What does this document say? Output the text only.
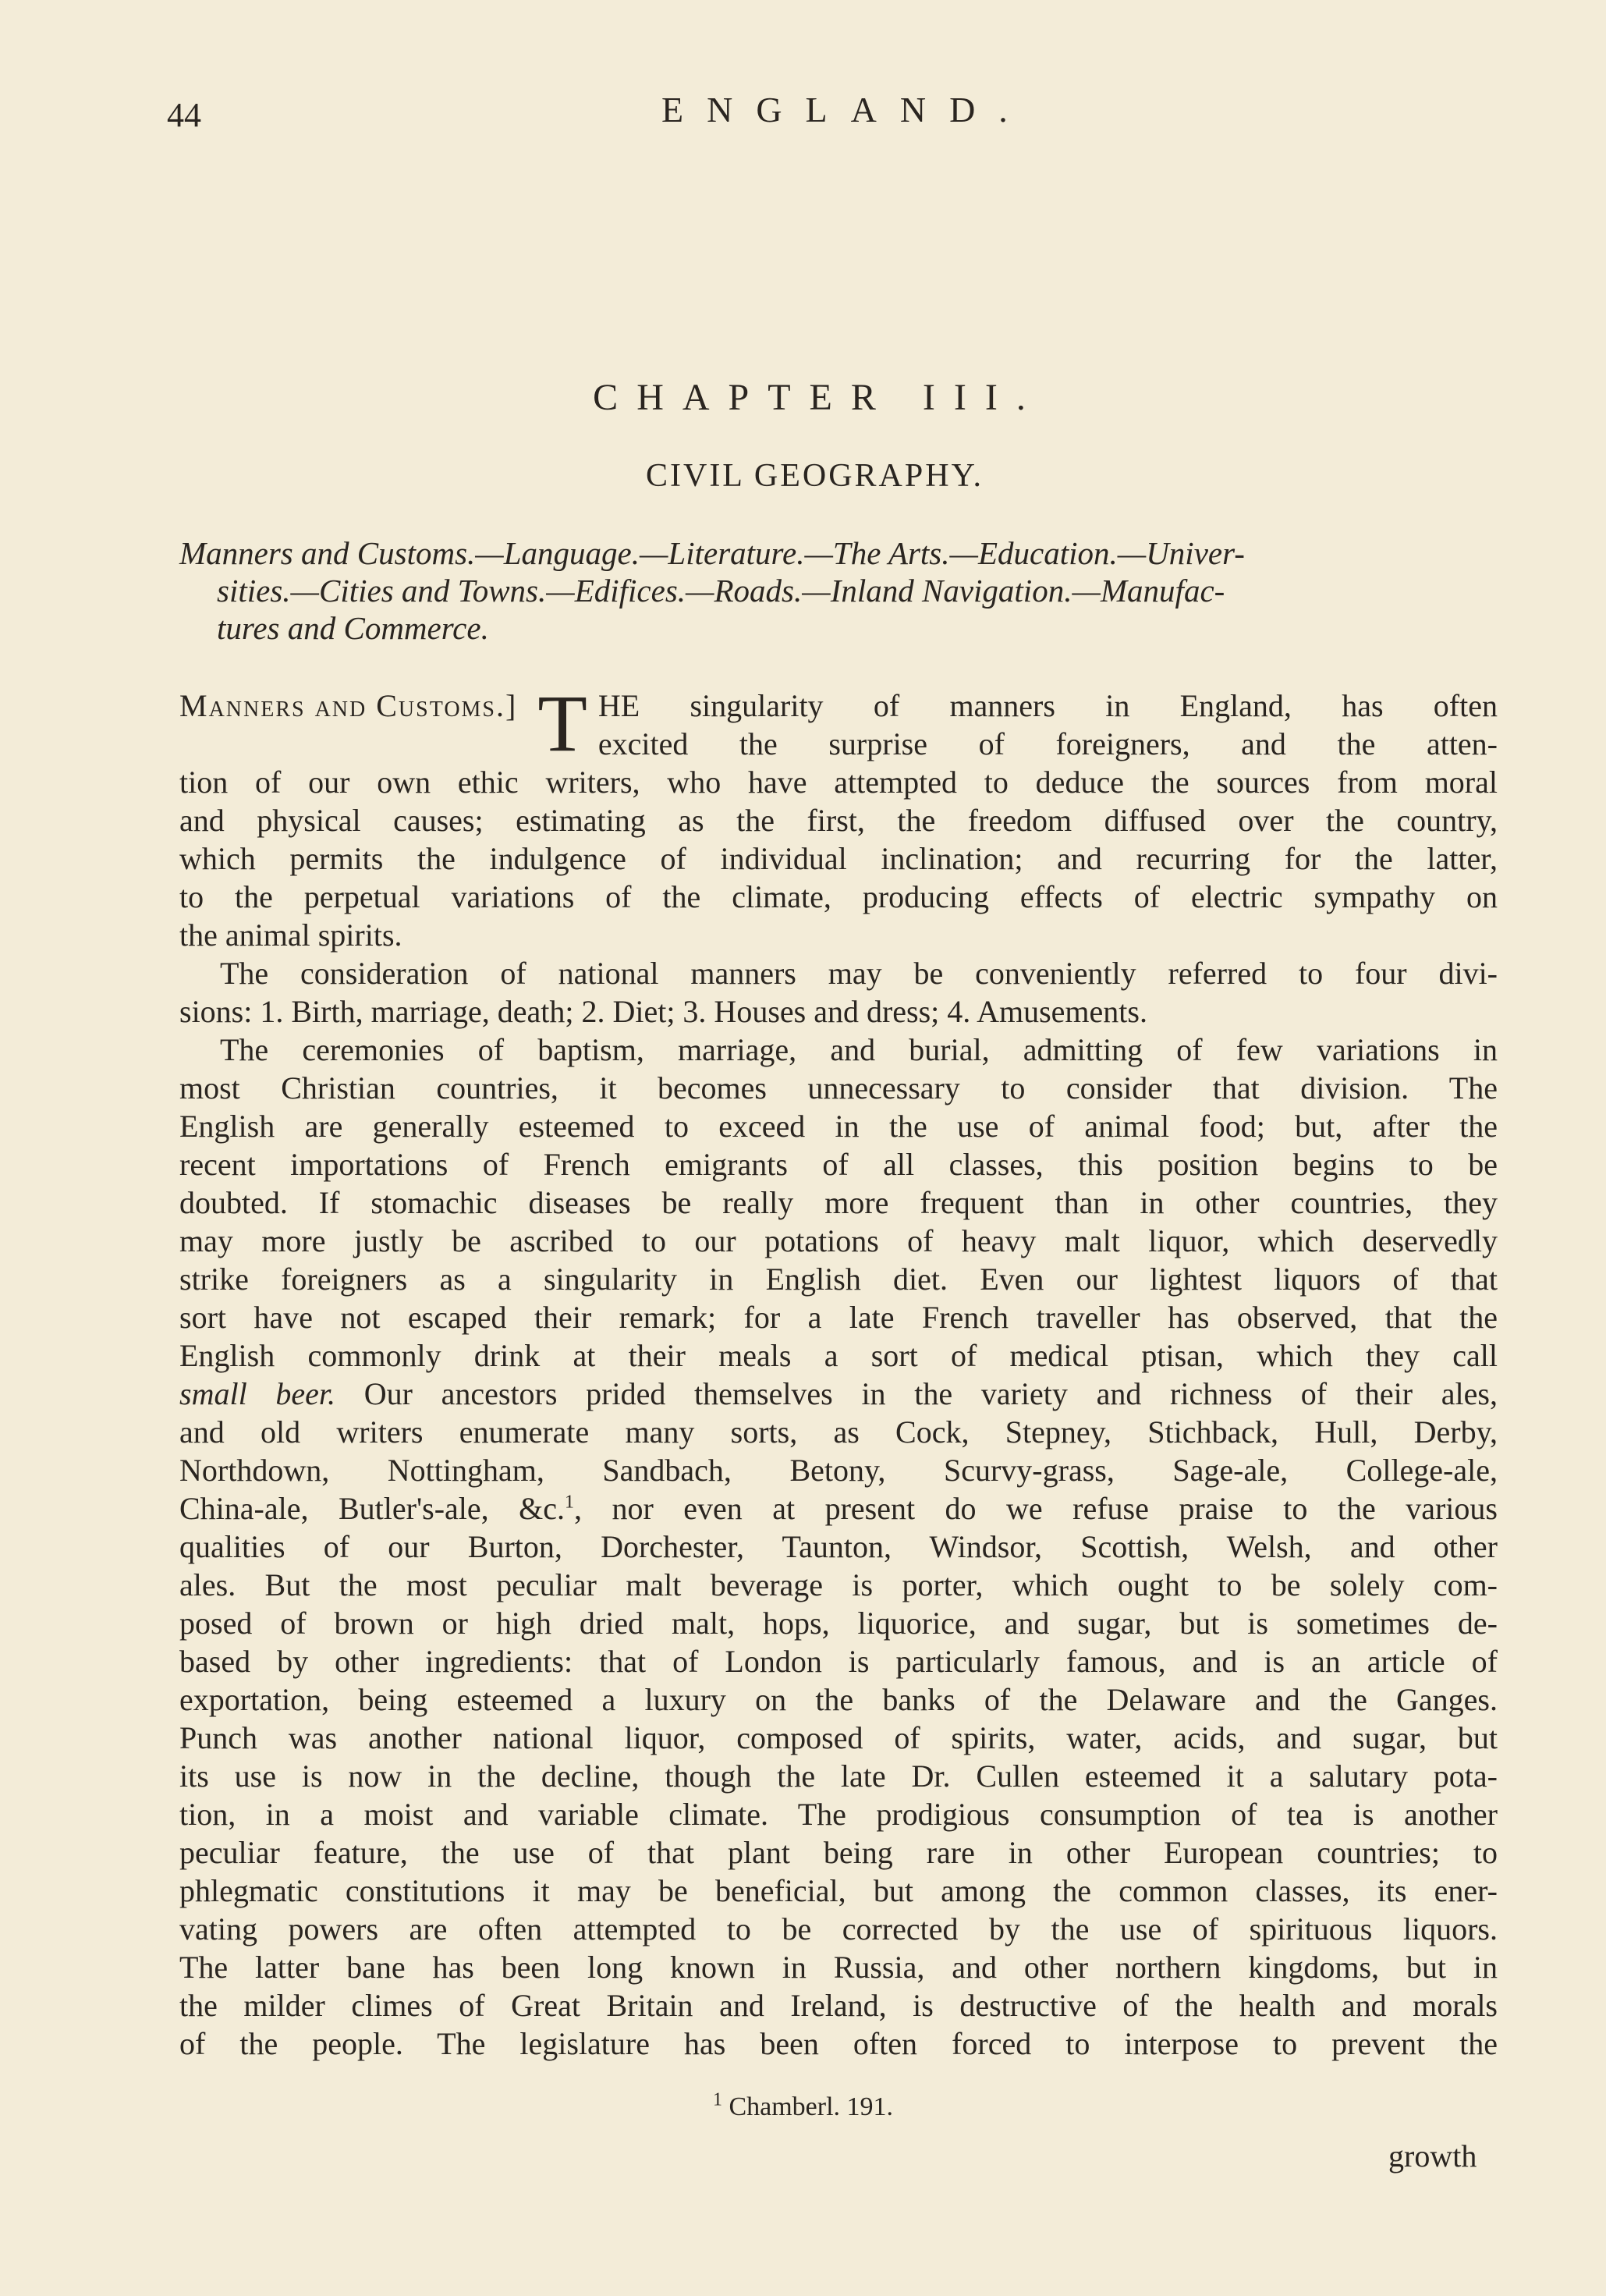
44	ENGLAND.
CHAPTER III.
CIVIL GEOGRAPHY.
Manners and Customs.—Language.—Literature.—The Arts.—Education.—Univer-
sities.—Cities and Towns.—Edifices.—Roads.—Inland Navigation.—Manufac-
tures and Commerce.
Manners and Customs.] T HE singularity of manners in England, has often
excited the surprise of foreigners, and the atten-
tion of our own ethic writers, who have attempted to deduce the sources from moral
and physical causes; estimating as the first, the freedom diffused over the country,
which permits the indulgence of individual inclination; and recurring for the latter,
to the perpetual variations of the climate, producing effects of electric sympathy on
the animal spirits.
The consideration of national manners may be conveniently referred to four divi-
sions: 1. Birth, marriage, death; 2. Diet; 3. Houses and dress; 4. Amusements.
The ceremonies of baptism, marriage, and burial, admitting of few variations in
most Christian countries, it becomes unnecessary to consider that division. The
English are generally esteemed to exceed in the use of animal food; but, after the
recent importations of French emigrants of all classes, this position begins to be
doubted. If stomachic diseases be really more frequent than in other countries, they
may more justly be ascribed to our potations of heavy malt liquor, which deservedly
strike foreigners as a singularity in English diet. Even our lightest liquors of that
sort have not escaped their remark; for a late French traveller has observed, that the
English commonly drink at their meals a sort of medical ptisan, which they call
small beer. Our ancestors prided themselves in the variety and richness of their ales,
and old writers enumerate many sorts, as Cock, Stepney, Stichback, Hull, Derby,
Northdown, Nottingham, Sandbach, Betony, Scurvy-grass, Sage-ale, College-ale,
China-ale, Butler's-ale, &c.$^1$, nor even at present do we refuse praise to the various
qualities of our Burton, Dorchester, Taunton, Windsor, Scottish, Welsh, and other
ales. But the most peculiar malt beverage is porter, which ought to be solely com-
posed of brown or high dried malt, hops, liquorice, and sugar, but is sometimes de-
based by other ingredients: that of London is particularly famous, and is an article of
exportation, being esteemed a luxury on the banks of the Delaware and the Ganges.
Punch was another national liquor, composed of spirits, water, acids, and sugar, but
its use is now in the decline, though the late Dr. Cullen esteemed it a salutary pota-
tion, in a moist and variable climate. The prodigious consumption of tea is another
peculiar feature, the use of that plant being rare in other European countries; to
phlegmatic constitutions it may be beneficial, but among the common classes, its ener-
vating powers are often attempted to be corrected by the use of spirituous liquors.
The latter bane has been long known in Russia, and other northern kingdoms, but in
the milder climes of Great Britain and Ireland, is destructive of the health and morals
of the people. The legislature has been often forced to interpose to prevent the
$^1$ Chamberl. 191.
growth
